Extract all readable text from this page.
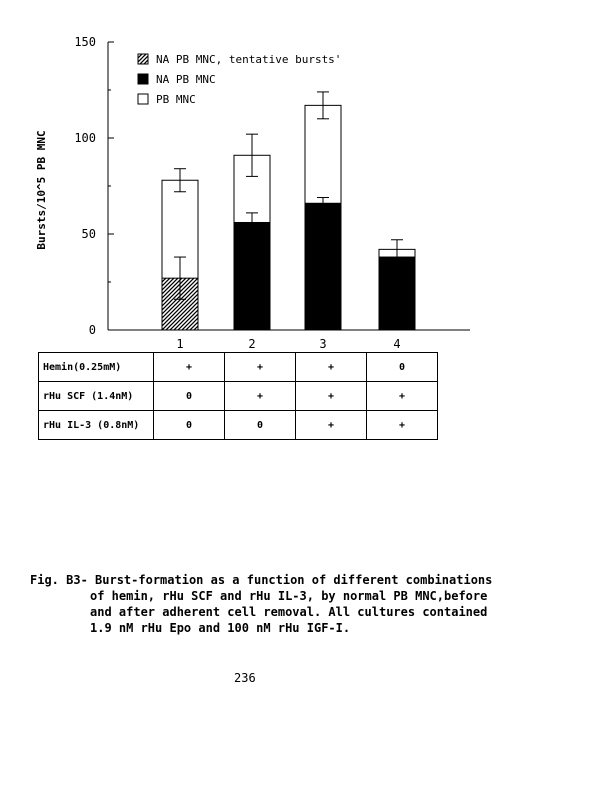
1	2	3	4
0
50
100
150
NA PB MNC, tentative bursts'
NA PB MNC
PB MNC
Bursts/10^5 PB MNC
Hemin(0.25mM)	+	+	+	0
rHu SCF (1.4nM)	0	+	+	+
rHu IL-3 (0.8nM)	0	0	+	+
Fig. B3- Burst-formation as a function of different combinations
of hemin, rHu SCF and rHu IL-3, by normal PB MNC,before
and after adherent cell removal. All cultures contained
1.9 nM rHu Epo and 100 nM rHu IGF-I.
236
